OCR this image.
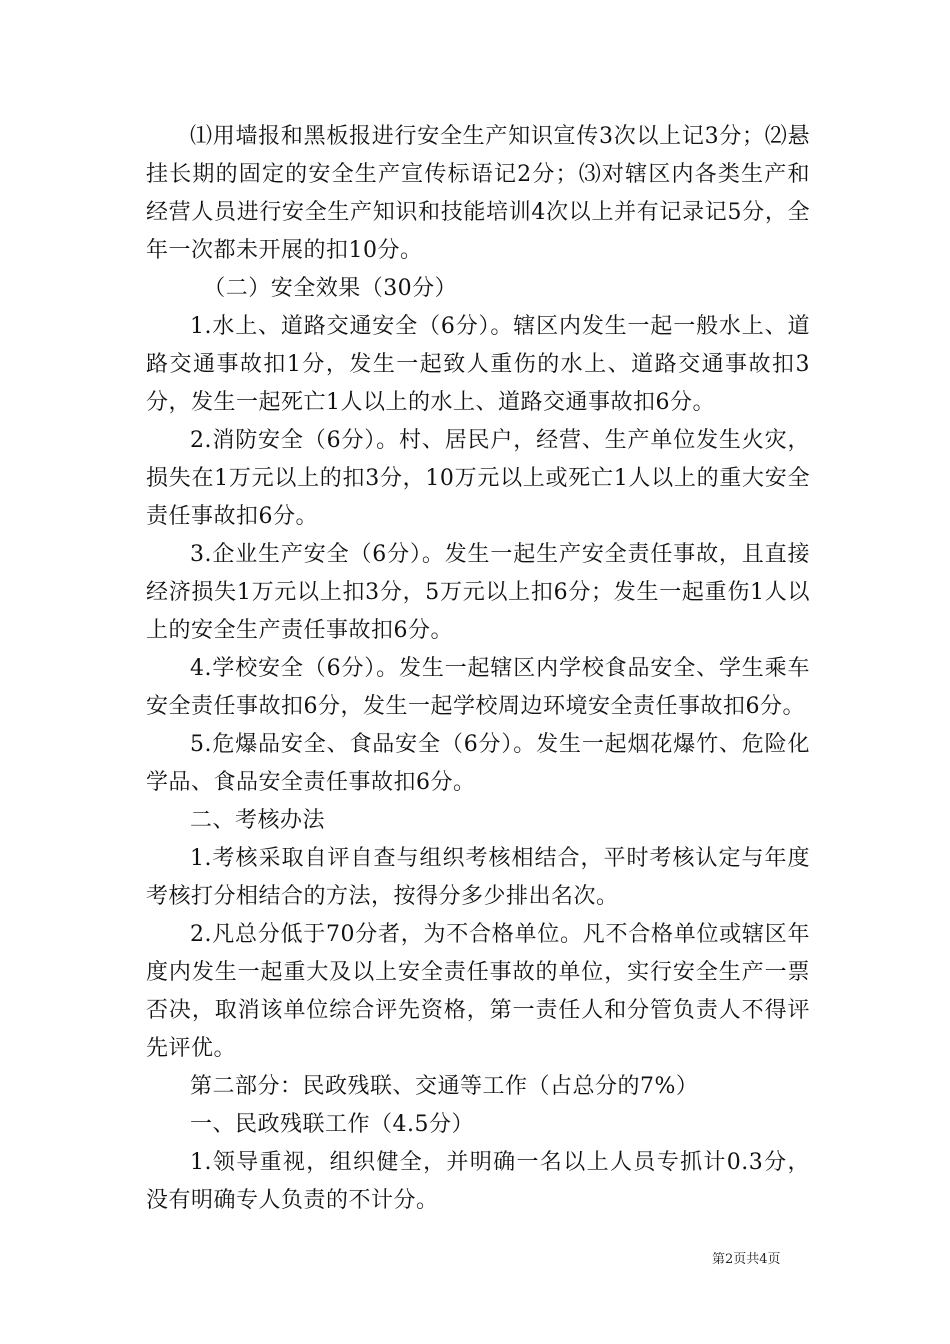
⑴用墙报和黑板报进行安全生产知识宣传3次以上记3分；⑵悬挂长期的固定的安全生产宣传标语记2分；⑶对辖区内各类生产和经营人员进行安全生产知识和技能培训4次以上并有记录记5分，全年一次都未开展的扣10分。

（二）安全效果（30分）

1.水上、道路交通安全（6分）。辖区内发生一起一般水上、道路交通事故扣1分，发生一起致人重伤的水上、道路交通事故扣3分，发生一起死亡1人以上的水上、道路交通事故扣6分。

2.消防安全（6分）。村、居民户，经营、生产单位发生火灾，损失在1万元以上的扣3分，10万元以上或死亡1人以上的重大安全责任事故扣6分。

3.企业生产安全（6分）。发生一起生产安全责任事故，且直接经济损失1万元以上扣3分，5万元以上扣6分；发生一起重伤1人以上的安全生产责任事故扣6分。

4.学校安全（6分）。发生一起辖区内学校食品安全、学生乘车安全责任事故扣6分，发生一起学校周边环境安全责任事故扣6分。

5.危爆品安全、食品安全（6分）。发生一起烟花爆竹、危险化学品、食品安全责任事故扣6分。

二、考核办法

1.考核采取自评自查与组织考核相结合，平时考核认定与年度考核打分相结合的方法，按得分多少排出名次。

2.凡总分低于70分者，为不合格单位。凡不合格单位或辖区年度内发生一起重大及以上安全责任事故的单位，实行安全生产一票否决，取消该单位综合评先资格，第一责任人和分管负责人不得评先评优。

第二部分：民政残联、交通等工作（占总分的7%）

一、民政残联工作（4.5分）

1.领导重视，组织健全，并明确一名以上人员专抓计0.3分，没有明确专人负责的不计分。

第2页共4页
